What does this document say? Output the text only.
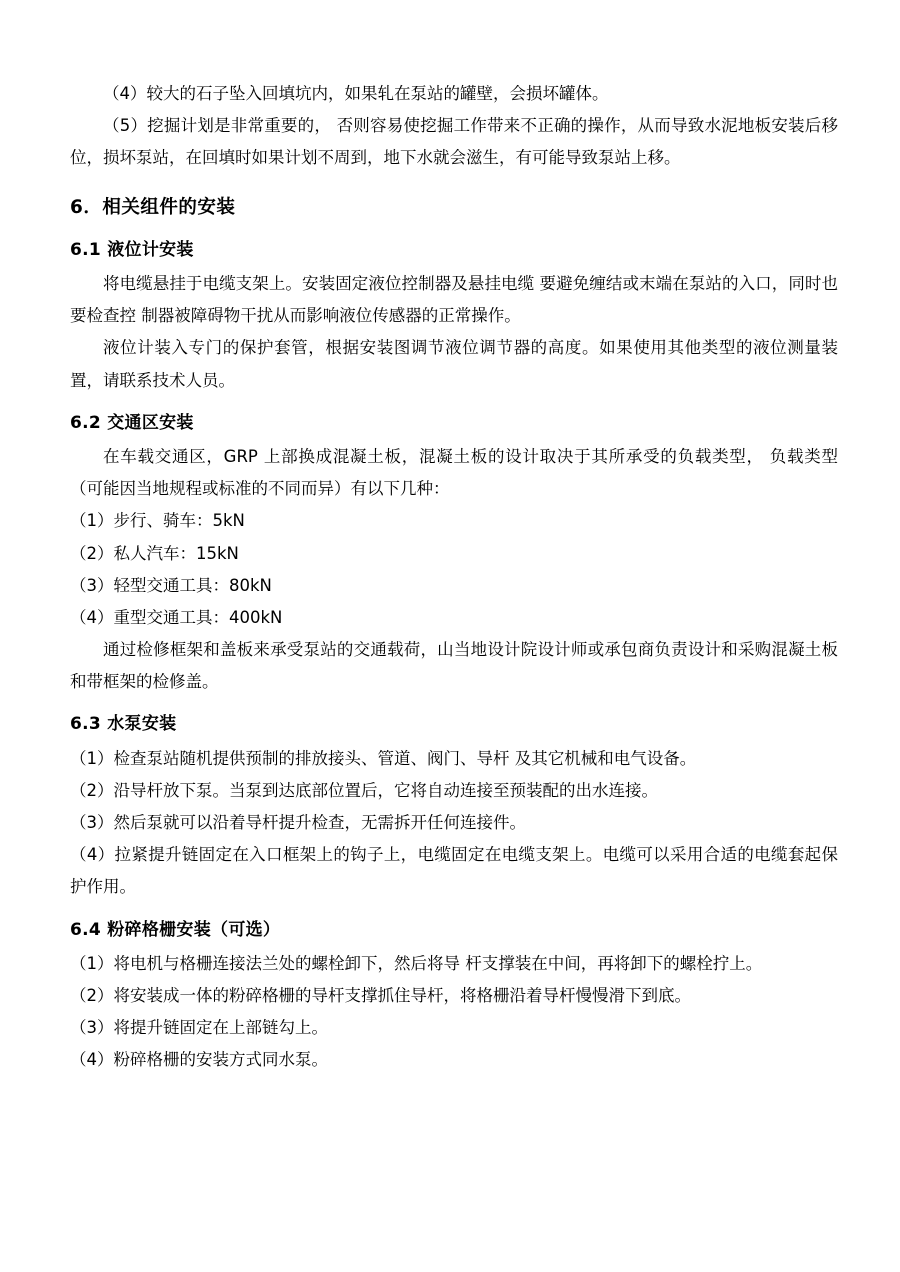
（4）较大的石子坠入回填坑内，如果轧在泵站的罐壁，会损坏罐体。

（5）挖掘计划是非常重要的， 否则容易使挖掘工作带来不正确的操作，从而导致水泥地板安装后移位，损坏泵站，在回填时如果计划不周到，地下水就会滋生，有可能导致泵站上移。

6．相关组件的安装
6.1 液位计安装

将电缆悬挂于电缆支架上。安装固定液位控制器及悬挂电缆 要避免缠结或末端在泵站的入口，同时也要检查控 制器被障碍物干扰从而影响液位传感器的正常操作。

液位计装入专门的保护套管，根据安装图调节液位调节器的高度。如果使用其他类型的液位测量装置，请联系技术人员。

6.2 交通区安装

在车载交通区，GRP 上部换成混凝土板，混凝土板的设计取决于其所承受的负载类型， 负载类型（可能因当地规程或标准的不同而异）有以下几种：

（1）步行、骑车：5kN

（2）私人汽车：15kN

（3）轻型交通工具：80kN

（4）重型交通工具：400kN

通过检修框架和盖板来承受泵站的交通载荷，山当地设计院设计师或承包商负责设计和采购混凝土板和带框架的检修盖。

6.3 水泵安装

（1）检查泵站随机提供预制的排放接头、管道、阀门、导杆 及其它机械和电气设备。

（2）沿导杆放下泵。当泵到达底部位置后，它将自动连接至预装配的出水连接。

（3）然后泵就可以沿着导杆提升检查，无需拆开任何连接件。

（4）拉紧提升链固定在入口框架上的钩子上，电缆固定在电缆支架上。电缆可以采用合适的电缆套起保护作用。

6.4 粉碎格栅安装（可选）

（1）将电机与格栅连接法兰处的螺栓卸下，然后将导 杆支撑装在中间，再将卸下的螺栓拧上。

（2）将安装成一体的粉碎格栅的导杆支撑抓住导杆，将格栅沿着导杆慢慢滑下到底。

（3）将提升链固定在上部链勾上。

（4）粉碎格栅的安装方式同水泵。
